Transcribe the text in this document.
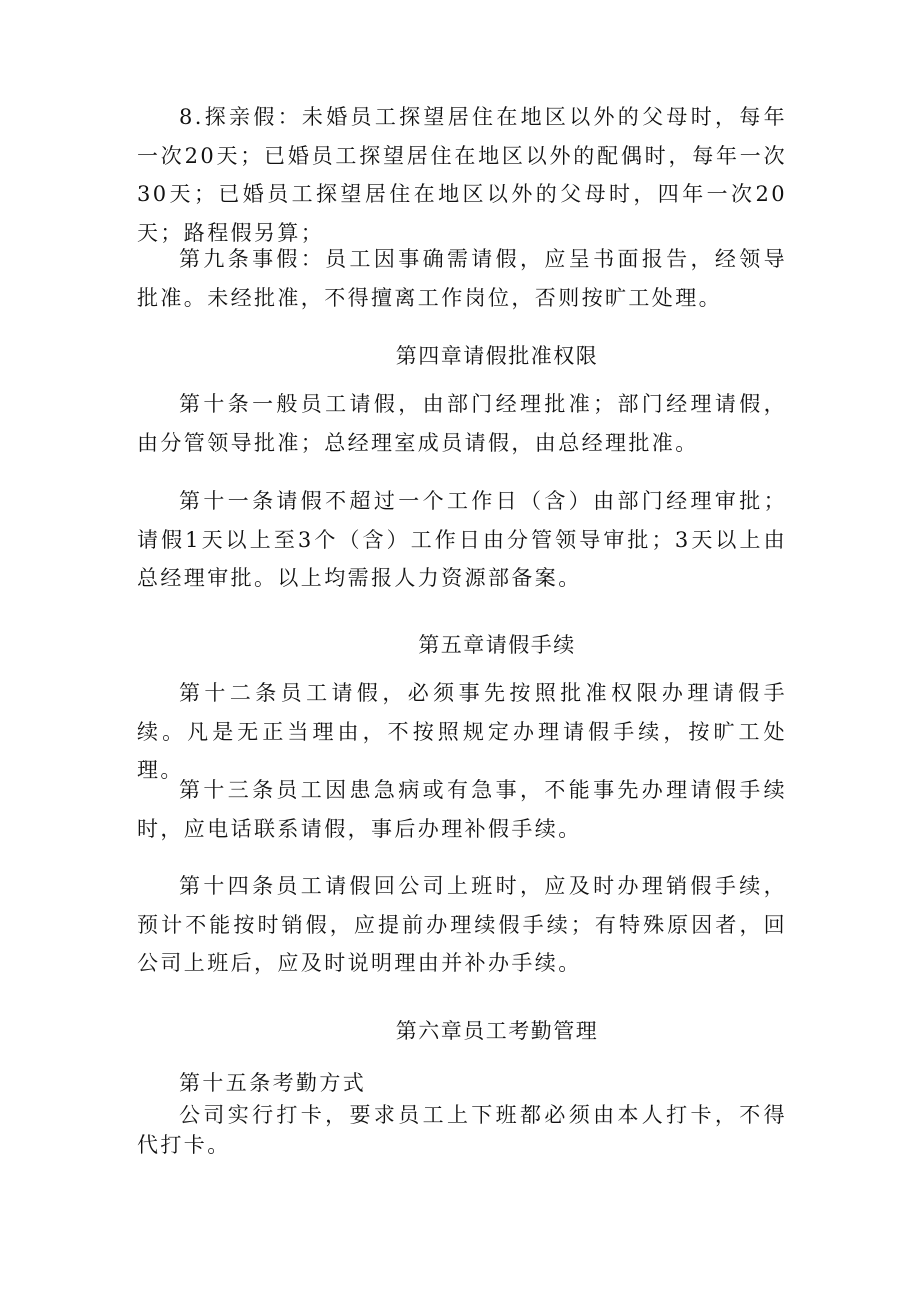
8.探亲假：未婚员工探望居住在地区以外的父母时，每年一次20天；已婚员工探望居住在地区以外的配偶时，每年一次30天；已婚员工探望居住在地区以外的父母时，四年一次20天；路程假另算；

第九条事假：员工因事确需请假，应呈书面报告，经领导批准。未经批准，不得擅离工作岗位，否则按旷工处理。

第四章请假批准权限

第十条一般员工请假，由部门经理批准；部门经理请假，由分管领导批准；总经理室成员请假，由总经理批准。

第十一条请假不超过一个工作日（含）由部门经理审批；请假1天以上至3个（含）工作日由分管领导审批；3天以上由总经理审批。以上均需报人力资源部备案。

第五章请假手续

第十二条员工请假，必须事先按照批准权限办理请假手续。凡是无正当理由，不按照规定办理请假手续，按旷工处理。

第十三条员工因患急病或有急事，不能事先办理请假手续时，应电话联系请假，事后办理补假手续。

第十四条员工请假回公司上班时，应及时办理销假手续，预计不能按时销假，应提前办理续假手续；有特殊原因者，回公司上班后，应及时说明理由并补办手续。

第六章员工考勤管理

第十五条考勤方式

公司实行打卡，要求员工上下班都必须由本人打卡，不得代打卡。
